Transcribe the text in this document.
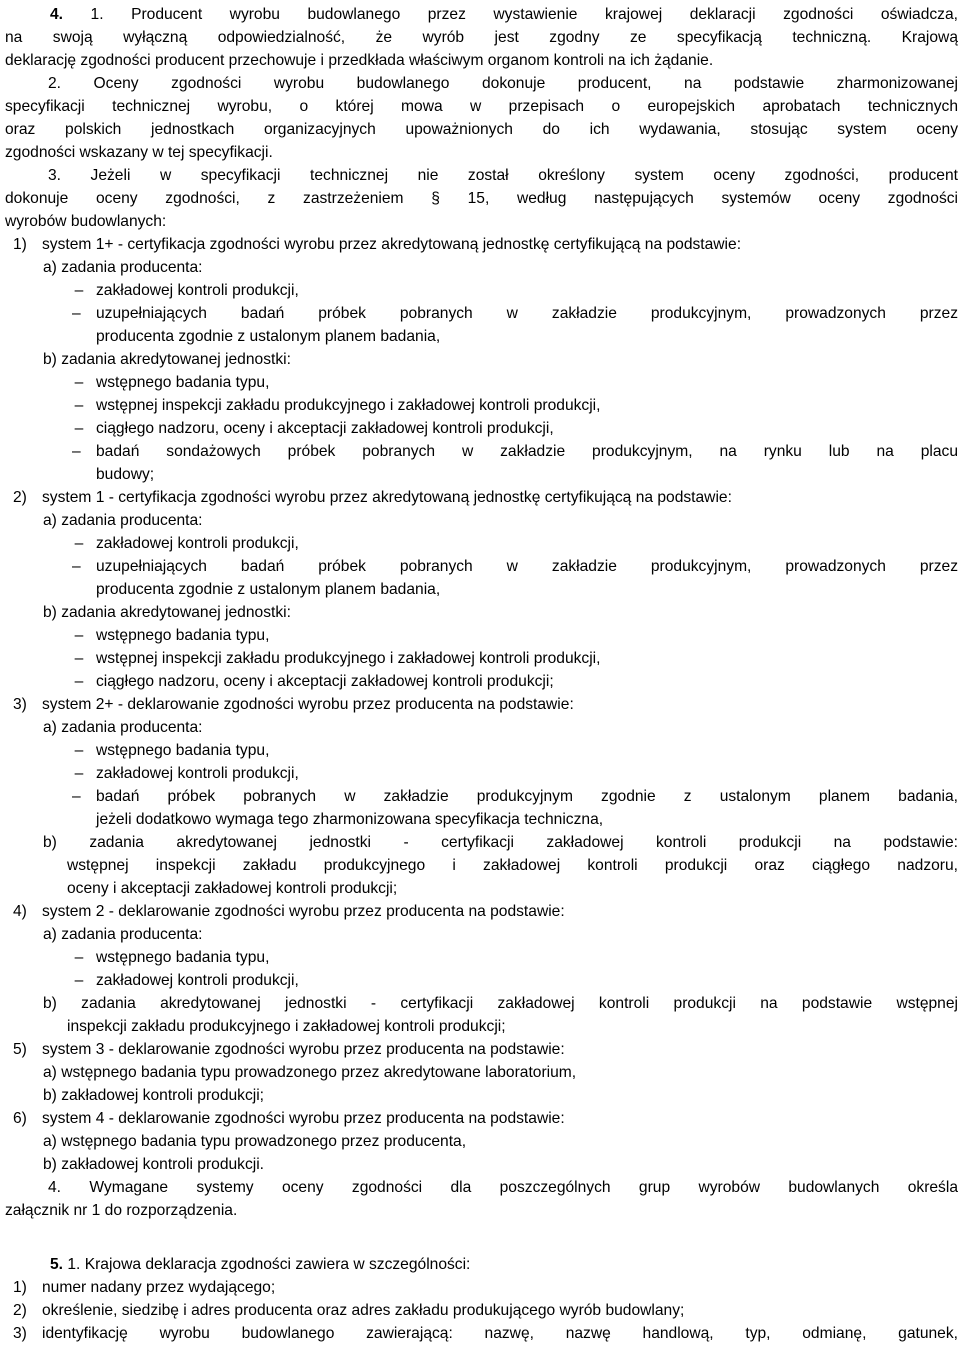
4. 1. Producent wyrobu budowlanego przez wystawienie krajowej deklaracji zgodności oświadcza,
na swoją wyłączną odpowiedzialność, że wyrób jest zgodny ze specyfikacją techniczną. Krajową
deklarację zgodności producent przechowuje i przedkłada właściwym organom kontroli na ich żądanie.
2. Oceny zgodności wyrobu budowlanego dokonuje producent, na podstawie zharmonizowanej
specyfikacji technicznej wyrobu, o której mowa w przepisach o europejskich aprobatach technicznych
oraz polskich jednostkach organizacyjnych upoważnionych do ich wydawania, stosując system oceny
zgodności wskazany w tej specyfikacji.
3. Jeżeli w specyfikacji technicznej nie został określony system oceny zgodności, producent
dokonuje oceny zgodności, z zastrzeżeniem § 15, według następujących systemów oceny zgodności
wyrobów budowlanych:
1) system 1+ - certyfikacja zgodności wyrobu przez akredytowaną jednostkę certyfikującą na podstawie:
a) zadania producenta:
– zakładowej kontroli produkcji,
– uzupełniających badań próbek pobranych w zakładzie produkcyjnym, prowadzonych przez
producenta zgodnie z ustalonym planem badania,
b) zadania akredytowanej jednostki:
– wstępnego badania typu,
– wstępnej inspekcji zakładu produkcyjnego i zakładowej kontroli produkcji,
– ciągłego nadzoru, oceny i akceptacji zakładowej kontroli produkcji,
– badań sondażowych próbek pobranych w zakładzie produkcyjnym, na rynku lub na placu
budowy;
2) system 1 - certyfikacja zgodności wyrobu przez akredytowaną jednostkę certyfikującą na podstawie:
a) zadania producenta:
– zakładowej kontroli produkcji,
– uzupełniających badań próbek pobranych w zakładzie produkcyjnym, prowadzonych przez
producenta zgodnie z ustalonym planem badania,
b) zadania akredytowanej jednostki:
– wstępnego badania typu,
– wstępnej inspekcji zakładu produkcyjnego i zakładowej kontroli produkcji,
– ciągłego nadzoru, oceny i akceptacji zakładowej kontroli produkcji;
3) system 2+ - deklarowanie zgodności wyrobu przez producenta na podstawie:
a) zadania producenta:
– wstępnego badania typu,
– zakładowej kontroli produkcji,
– badań próbek pobranych w zakładzie produkcyjnym zgodnie z ustalonym planem badania,
jeżeli dodatkowo wymaga tego zharmonizowana specyfikacja techniczna,
b) zadania akredytowanej jednostki - certyfikacji zakładowej kontroli produkcji na podstawie:
wstępnej inspekcji zakładu produkcyjnego i zakładowej kontroli produkcji oraz ciągłego nadzoru,
oceny i akceptacji zakładowej kontroli produkcji;
4) system 2 - deklarowanie zgodności wyrobu przez producenta na podstawie:
a) zadania producenta:
– wstępnego badania typu,
– zakładowej kontroli produkcji,
b) zadania akredytowanej jednostki - certyfikacji zakładowej kontroli produkcji na podstawie wstępnej
inspekcji zakładu produkcyjnego i zakładowej kontroli produkcji;
5) system 3 - deklarowanie zgodności wyrobu przez producenta na podstawie:
a) wstępnego badania typu prowadzonego przez akredytowane laboratorium,
b) zakładowej kontroli produkcji;
6) system 4 - deklarowanie zgodności wyrobu przez producenta na podstawie:
a) wstępnego badania typu prowadzonego przez producenta,
b) zakładowej kontroli produkcji.
4. Wymagane systemy oceny zgodności dla poszczególnych grup wyrobów budowlanych określa
załącznik nr 1 do rozporządzenia.
5. 1. Krajowa deklaracja zgodności zawiera w szczególności:
1) numer nadany przez wydającego;
2) określenie, siedzibę i adres producenta oraz adres zakładu produkującego wyrób budowlany;
3) identyfikację wyrobu budowlanego zawierającą: nazwę, nazwę handlową, typ, odmianę, gatunek,
